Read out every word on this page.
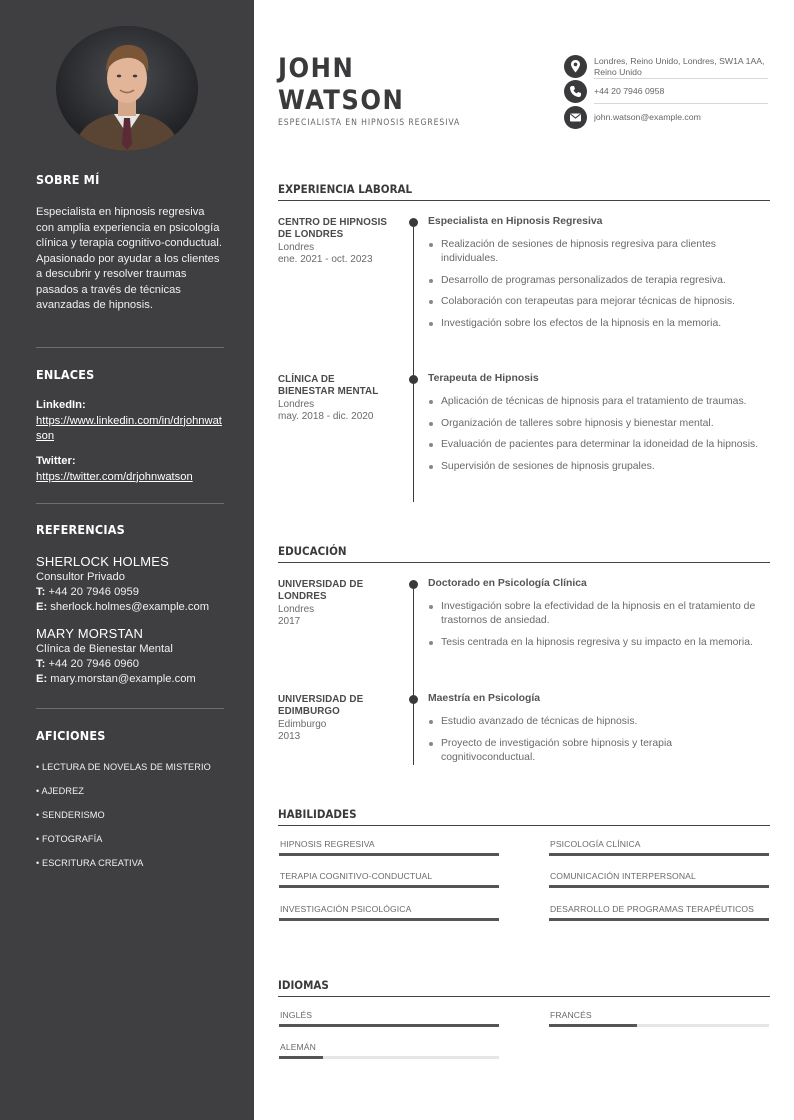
SOBRE MÍ
Especialista en hipnosis regresiva con amplia experiencia en psicología clínica y terapia cognitivo-conductual. Apasionado por ayudar a los clientes a descubrir y resolver traumas pasados a través de técnicas avanzadas de hipnosis.
ENLACES
LinkedIn:
https://www.linkedin.com/in/drjohnwatson
Twitter:
https://twitter.com/drjohnwatson
REFERENCIAS
SHERLOCK HOLMES
Consultor Privado
T: +44 20 7946 0959
E: sherlock.holmes@example.com
MARY MORSTAN
Clínica de Bienestar Mental
T: +44 20 7946 0960
E: mary.morstan@example.com
AFICIONES
• LECTURA DE NOVELAS DE MISTERIO
• AJEDREZ
• SENDERISMO
• FOTOGRAFÍA
• ESCRITURA CREATIVA
JOHN
WATSON
ESPECIALISTA EN HIPNOSIS REGRESIVA
Londres, Reino Unido, Londres, SW1A 1AA, Reino Unido
+44 20 7946 0958
john.watson@example.com
EXPERIENCIA LABORAL
CENTRO DE HIPNOSIS DE LONDRES
Londres
ene. 2021 - oct. 2023
Especialista en Hipnosis Regresiva
Realización de sesiones de hipnosis regresiva para clientes individuales.
Desarrollo de programas personalizados de terapia regresiva.
Colaboración con terapeutas para mejorar técnicas de hipnosis.
Investigación sobre los efectos de la hipnosis en la memoria.
CLÍNICA DE BIENESTAR MENTAL
Londres
may. 2018 - dic. 2020
Terapeuta de Hipnosis
Aplicación de técnicas de hipnosis para el tratamiento de traumas.
Organización de talleres sobre hipnosis y bienestar mental.
Evaluación de pacientes para determinar la idoneidad de la hipnosis.
Supervisión de sesiones de hipnosis grupales.
EDUCACIÓN
UNIVERSIDAD DE LONDRES
Londres
2017
Doctorado en Psicología Clínica
Investigación sobre la efectividad de la hipnosis en el tratamiento de trastornos de ansiedad.
Tesis centrada en la hipnosis regresiva y su impacto en la memoria.
UNIVERSIDAD DE EDIMBURGO
Edimburgo
2013
Maestría en Psicología
Estudio avanzado de técnicas de hipnosis.
Proyecto de investigación sobre hipnosis y terapia cognitivoconductual.
HABILIDADES
HIPNOSIS REGRESIVA	PSICOLOGÍA CLÍNICA
TERAPIA COGNITIVO-CONDUCTUAL	COMUNICACIÓN INTERPERSONAL
INVESTIGACIÓN PSICOLÓGICA	DESARROLLO DE PROGRAMAS TERAPÉUTICOS
IDIOMAS
INGLÉS	FRANCÉS
ALEMÁN
